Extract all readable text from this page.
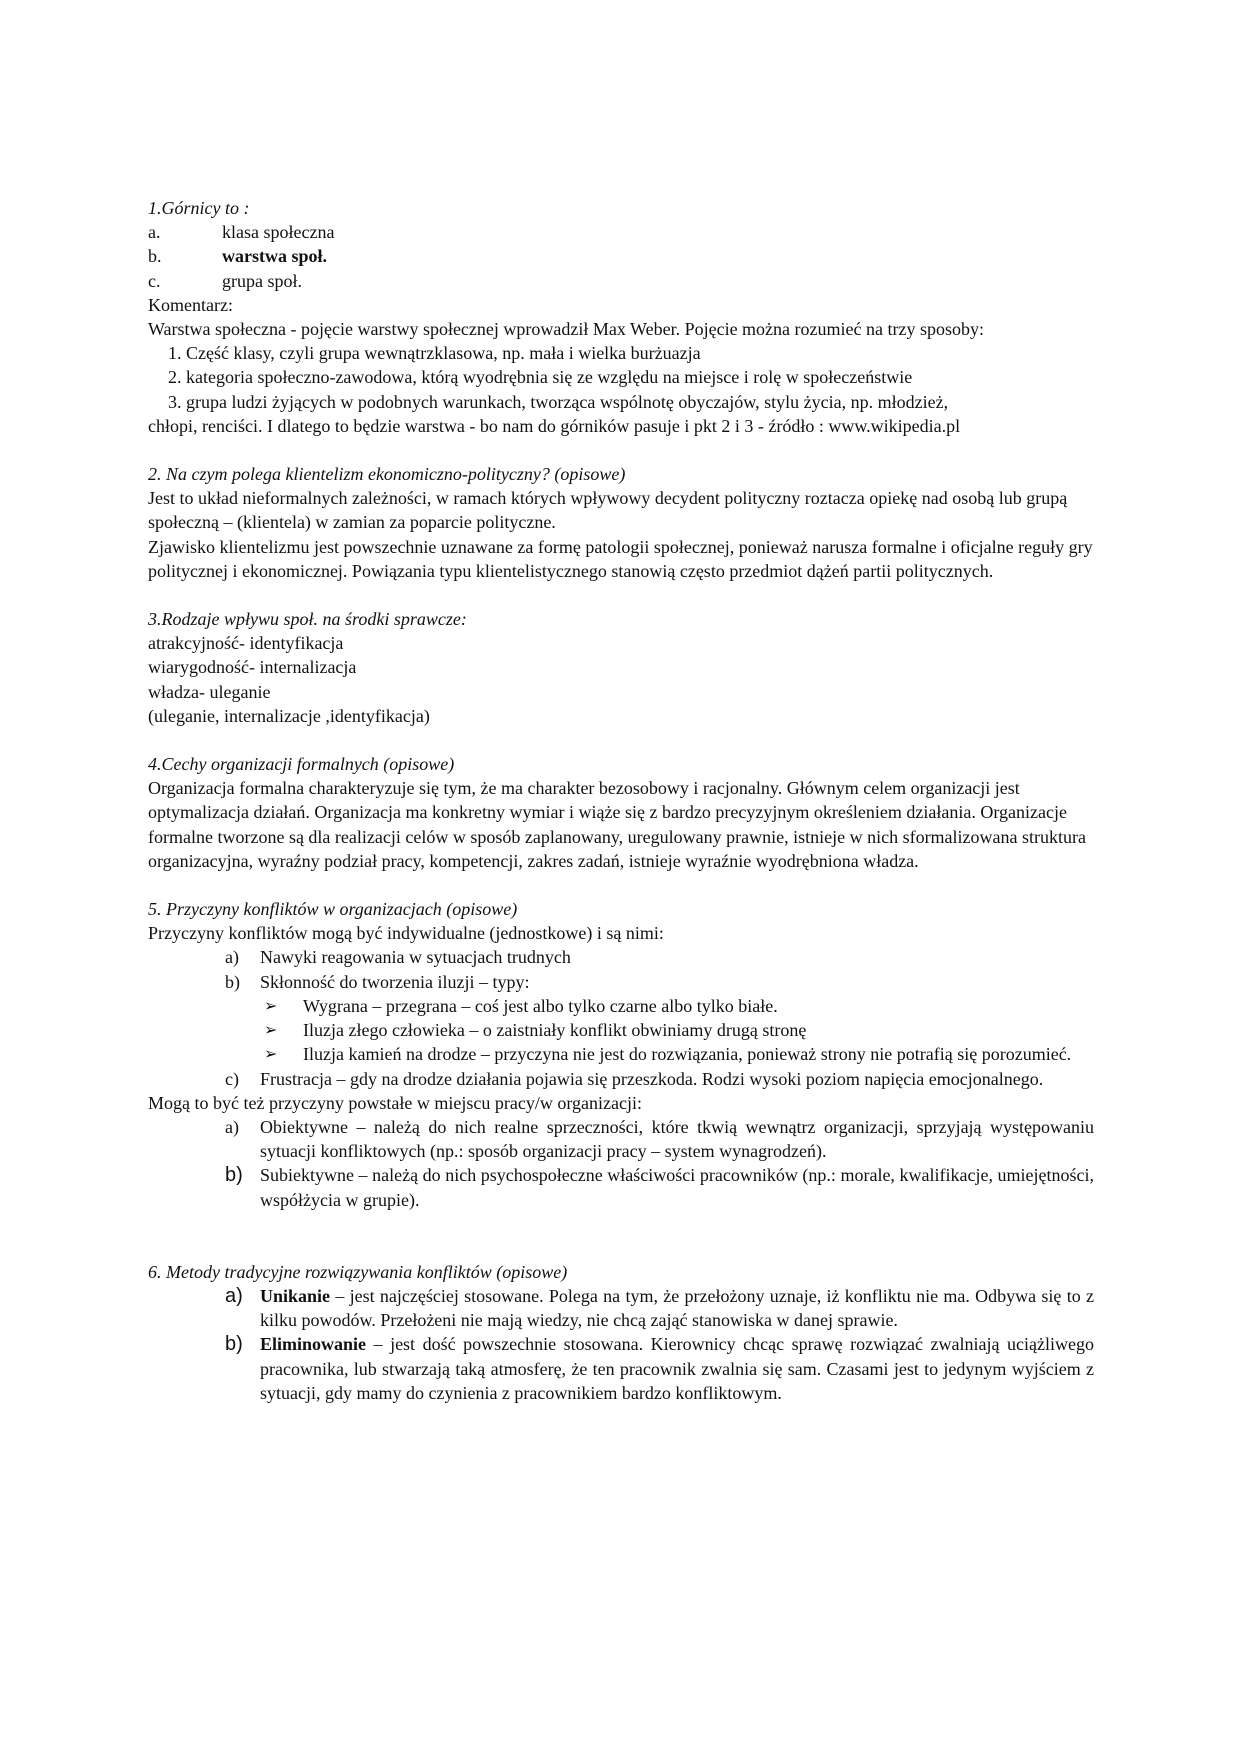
1.Górnicy to :

a.	klasa społeczna
b.	warstwa społ.
c.	grupa społ.

Komentarz:

Warstwa społeczna - pojęcie warstwy społecznej wprowadził Max Weber. Pojęcie można rozumieć na trzy sposoby:

1. Część klasy, czyli grupa wewnątrzklasowa, np. mała i wielka burżuazja

2. kategoria społeczno-zawodowa, którą wyodrębnia się ze względu na miejsce i rolę w społeczeństwie

3. grupa ludzi żyjących w podobnych warunkach, tworząca wspólnotę obyczajów, stylu życia, np. młodzież,

chłopi, renciści. I dlatego to będzie warstwa - bo nam do górników pasuje i pkt 2 i 3 - źródło : www.wikipedia.pl

2. Na czym polega klientelizm ekonomiczno-polityczny? (opisowe)

Jest to układ nieformalnych zależności, w ramach których wpływowy decydent polityczny roztacza opiekę nad osobą lub grupą społeczną – (klientela) w zamian za poparcie polityczne.

Zjawisko klientelizmu jest powszechnie uznawane za formę patologii społecznej, ponieważ narusza formalne i oficjalne reguły gry politycznej i ekonomicznej. Powiązania typu klientelistycznego stanowią często przedmiot dążeń partii politycznych.

3.Rodzaje wpływu społ. na środki sprawcze:

atrakcyjność- identyfikacja

wiarygodność- internalizacja

władza- uleganie

(uleganie, internalizacje ,identyfikacja)

4.Cechy organizacji formalnych (opisowe)

Organizacja formalna charakteryzuje się tym, że ma charakter bezosobowy i racjonalny. Głównym celem organizacji jest optymalizacja działań. Organizacja ma konkretny wymiar i wiąże się z bardzo precyzyjnym określeniem działania. Organizacje formalne tworzone są dla realizacji celów w sposób zaplanowany, uregulowany prawnie, istnieje w nich sformalizowana struktura organizacyjna, wyraźny podział pracy, kompetencji, zakres zadań, istnieje wyraźnie wyodrębniona władza.

5. Przyczyny konfliktów w organizacjach (opisowe)

Przyczyny konfliktów mogą być indywidualne (jednostkowe) i są nimi:

a)	Nawyki reagowania w sytuacjach trudnych
b)	Skłonność do tworzenia iluzji – typy:
➢	Wygrana – przegrana – coś jest albo tylko czarne albo tylko białe.
➢	Iluzja złego człowieka – o zaistniały konflikt obwiniamy drugą stronę
➢	Iluzja kamień na drodze – przyczyna nie jest do rozwiązania, ponieważ strony nie potrafią się porozumieć.
c)	Frustracja – gdy na drodze działania pojawia się przeszkoda. Rodzi wysoki poziom napięcia emocjonalnego.

Mogą to być też przyczyny powstałe w miejscu pracy/w organizacji:

a)	Obiektywne – należą do nich realne sprzeczności, które tkwią wewnątrz organizacji, sprzyjają występowaniu sytuacji konfliktowych (np.: sposób organizacji pracy – system wynagrodzeń).
b) Subiektywne – należą do nich psychospołeczne właściwości pracowników (np.: morale, kwalifikacje, umiejętności, współżycia w grupie).

6. Metody tradycyjne rozwiązywania konfliktów (opisowe)

a) Unikanie – jest najczęściej stosowane. Polega na tym, że przełożony uznaje, iż konfliktu nie ma. Odbywa się to z kilku powodów. Przełożeni nie mają wiedzy, nie chcą zająć stanowiska w danej sprawie.
b) Eliminowanie – jest dość powszechnie stosowana. Kierownicy chcąc sprawę rozwiązać zwalniają uciążliwego pracownika, lub stwarzają taką atmosferę, że ten pracownik zwalnia się sam. Czasami jest to jedynym wyjściem z sytuacji, gdy mamy do czynienia z pracownikiem bardzo konfliktowym.
